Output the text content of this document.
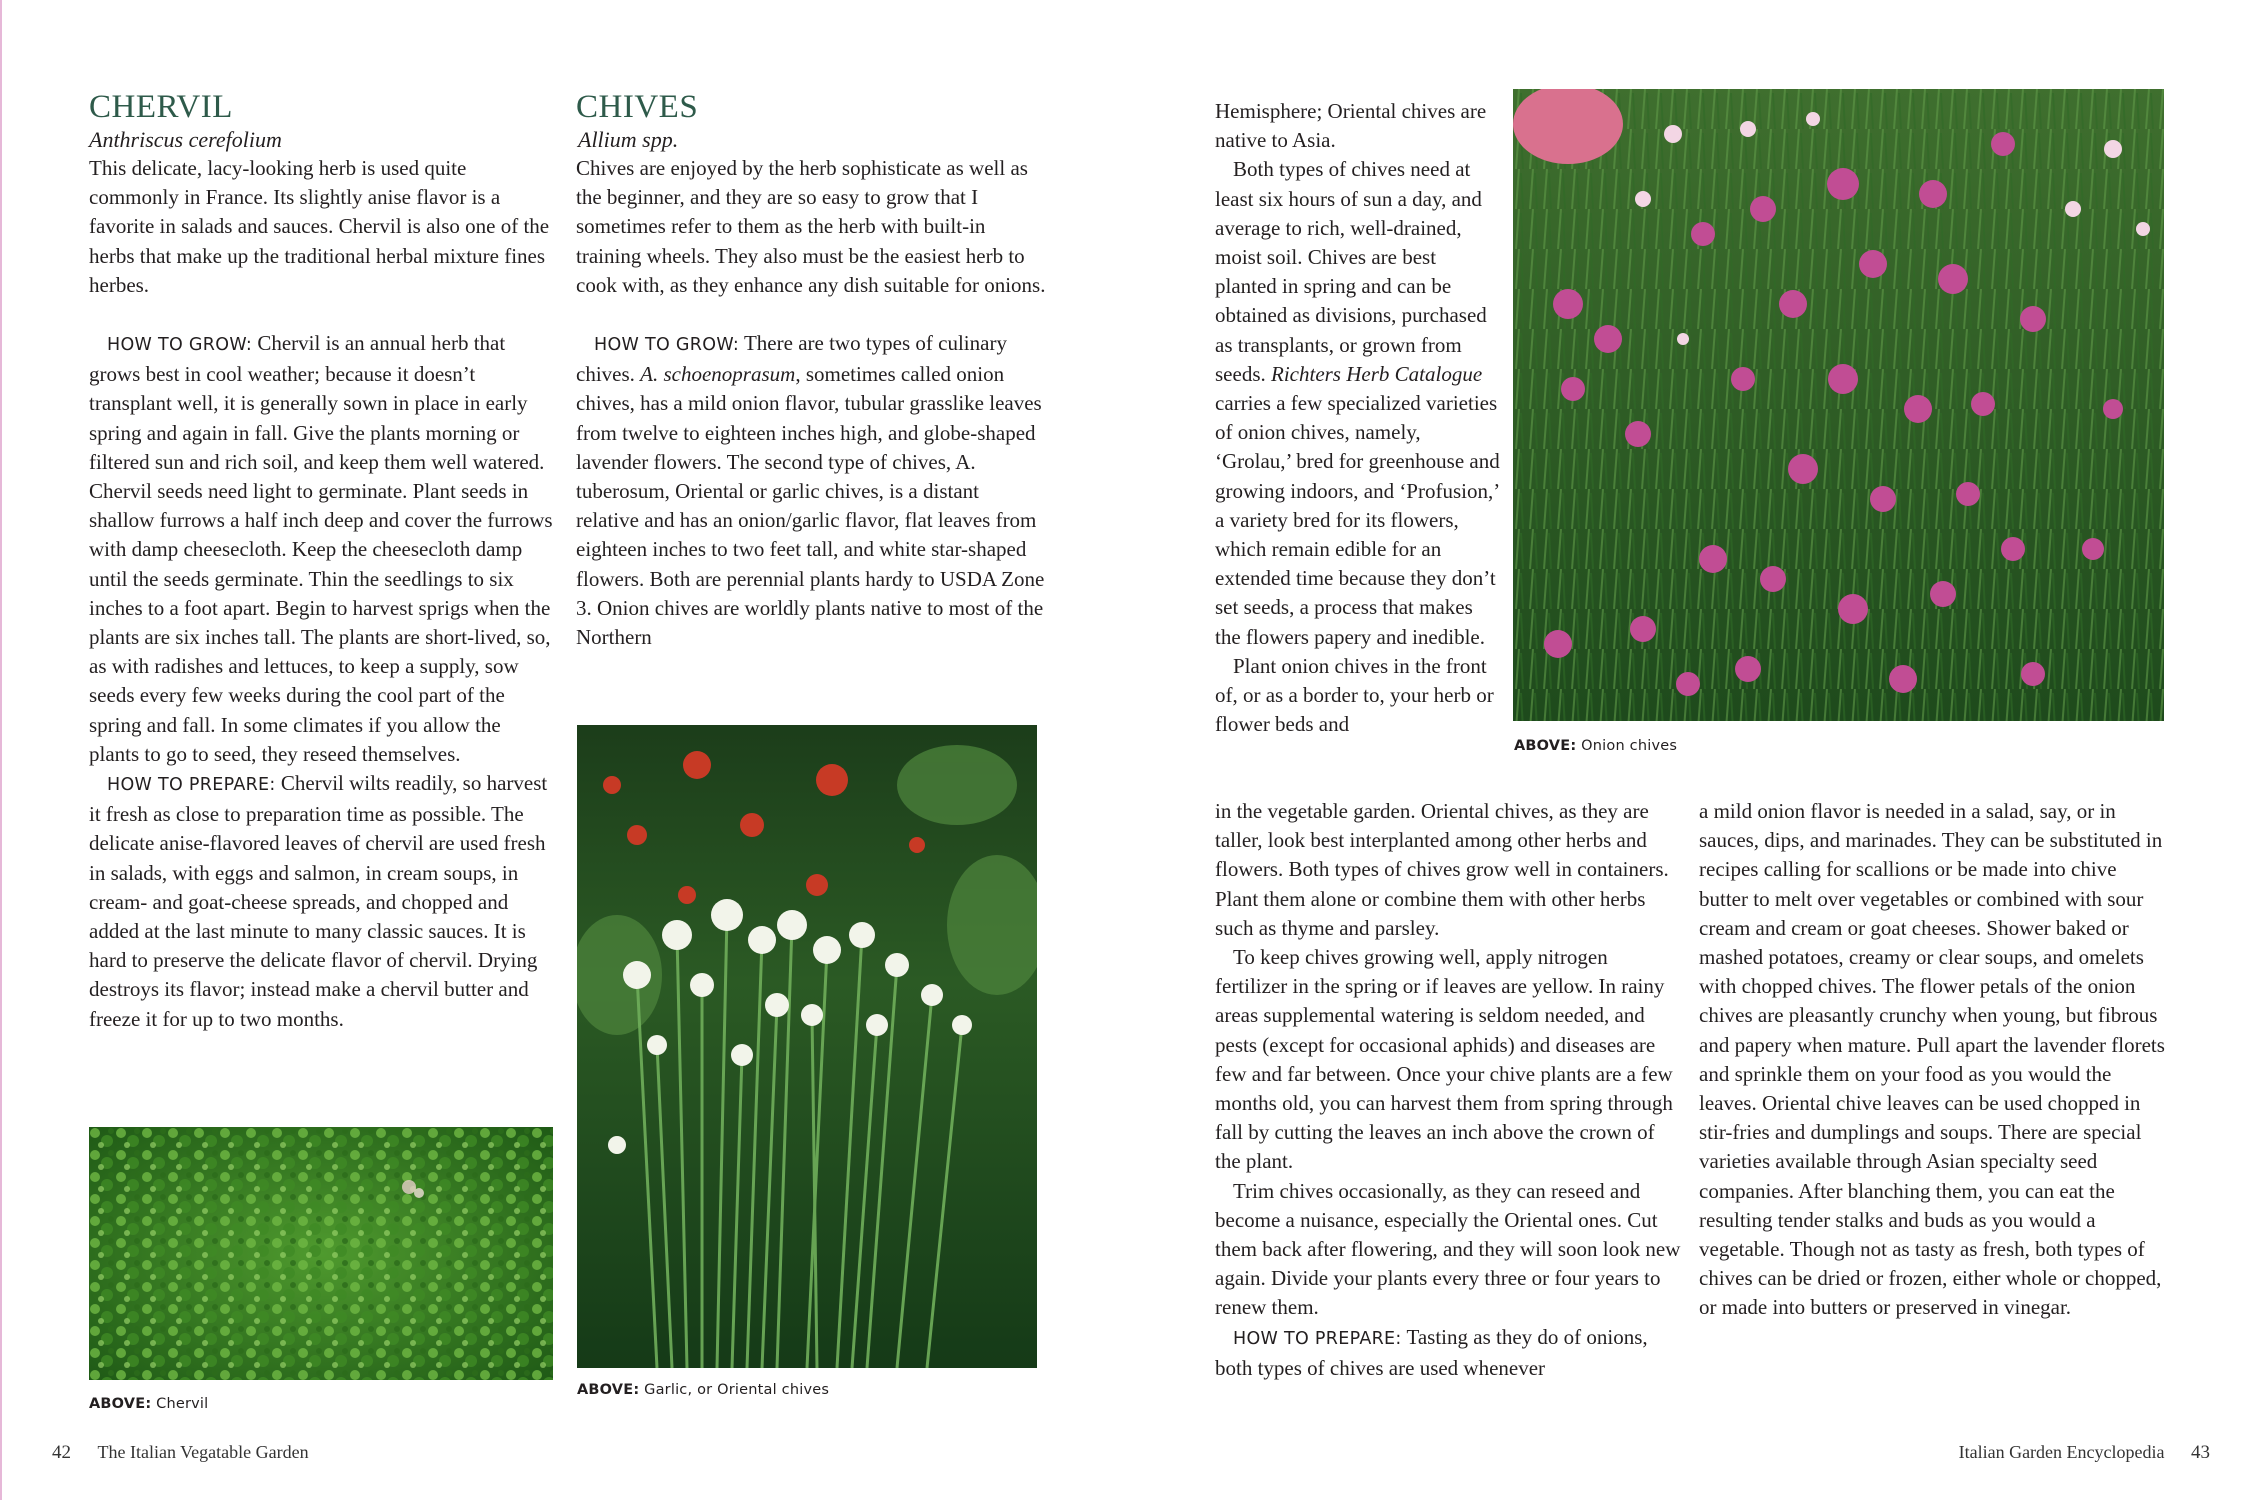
CHERVIL

Anthriscus cerefolium

This delicate, lacy-looking herb is used quite commonly in France. Its slightly anise flavor is a favorite in salads and sauces. Chervil is also one of the herbs that make up the traditional herbal mixture fines herbes.

HOW TO GROW: Chervil is an annual herb that grows best in cool weather; because it doesn’t transplant well, it is generally sown in place in early spring and again in fall. Give the plants morning or filtered sun and rich soil, and keep them well watered. Chervil seeds need light to germinate. Plant seeds in shallow furrows a half inch deep and cover the furrows with damp cheesecloth. Keep the cheesecloth damp until the seeds germinate. Thin the seedlings to six inches to a foot apart. Begin to harvest sprigs when the plants are six inches tall. The plants are short-lived, so, as with radishes and lettuces, to keep a supply, sow seeds every few weeks during the cool part of the spring and fall. In some climates if you allow the plants to go to seed, they reseed themselves.

HOW TO PREPARE: Chervil wilts readily, so harvest it fresh as close to preparation time as possible. The delicate anise-flavored leaves of chervil are used fresh in salads, with eggs and salmon, in cream soups, in cream- and goat-cheese spreads, and chopped and added at the last minute to many classic sauces. It is hard to preserve the delicate flavor of chervil. Drying destroys its flavor; instead make a chervil butter and freeze it for up to two months.

ABOVE: Chervil
CHIVES

Allium spp.

Chives are enjoyed by the herb sophisticate as well as the beginner, and they are so easy to grow that I sometimes refer to them as the herb with built-in training wheels. They also must be the easiest herb to cook with, as they enhance any dish suitable for onions.

HOW TO GROW: There are two types of culinary chives. A. schoenoprasum, sometimes called onion chives, has a mild onion flavor, tubular grasslike leaves from twelve to eighteen inches high, and globe-shaped lavender flowers. The second type of chives, A. tuberosum, Oriental or garlic chives, is a distant relative and has an onion/garlic flavor, flat leaves from eighteen inches to two feet tall, and white star-shaped flowers. Both are perennial plants hardy to USDA Zone 3. Onion chives are worldly plants native to most of the Northern

ABOVE: Garlic, or Oriental chives
42 The Italian Vegatable Garden

Hemisphere; Oriental chives are native to Asia.

Both types of chives need at least six hours of sun a day, and average to rich, well-drained, moist soil. Chives are best planted in spring and can be obtained as divisions, purchased as transplants, or grown from seeds. Richters Herb Catalogue carries a few specialized varieties of onion chives, namely, ‘Grolau,’ bred for greenhouse and growing indoors, and ‘Profusion,’ a variety bred for its flowers, which remain edible for an extended time because they don’t set seeds, a process that makes the flowers papery and inedible.

Plant onion chives in the front of, or as a border to, your herb or flower beds and

ABOVE: Onion chives

in the vegetable garden. Oriental chives, as they are taller, look best interplanted among other herbs and flowers. Both types of chives grow well in containers. Plant them alone or combine them with other herbs such as thyme and parsley.

To keep chives growing well, apply nitrogen fertilizer in the spring or if leaves are yellow. In rainy areas supplemental watering is seldom needed, and pests (except for occasional aphids) and diseases are few and far between. Once your chive plants are a few months old, you can harvest them from spring through fall by cutting the leaves an inch above the crown of the plant.

Trim chives occasionally, as they can reseed and become a nuisance, especially the Oriental ones. Cut them back after flowering, and they will soon look new again. Divide your plants every three or four years to renew them.

HOW TO PREPARE: Tasting as they do of onions, both types of chives are used whenever

a mild onion flavor is needed in a salad, say, or in sauces, dips, and marinades. They can be substituted in recipes calling for scallions or be made into chive butter to melt over vegetables or combined with sour cream and cream or goat cheeses. Shower baked or mashed potatoes, creamy or clear soups, and omelets with chopped chives. The flower petals of the onion chives are pleasantly crunchy when young, but fibrous and papery when mature. Pull apart the lavender florets and sprinkle them on your food as you would the leaves. Oriental chive leaves can be used chopped in stir-fries and dumplings and soups. There are special varieties available through Asian specialty seed companies. After blanching them, you can eat the resulting tender stalks and buds as you would a vegetable. Though not as tasty as fresh, both types of chives can be dried or frozen, either whole or chopped, or made into butters or preserved in vinegar.

Italian Garden Encyclopedia 43
